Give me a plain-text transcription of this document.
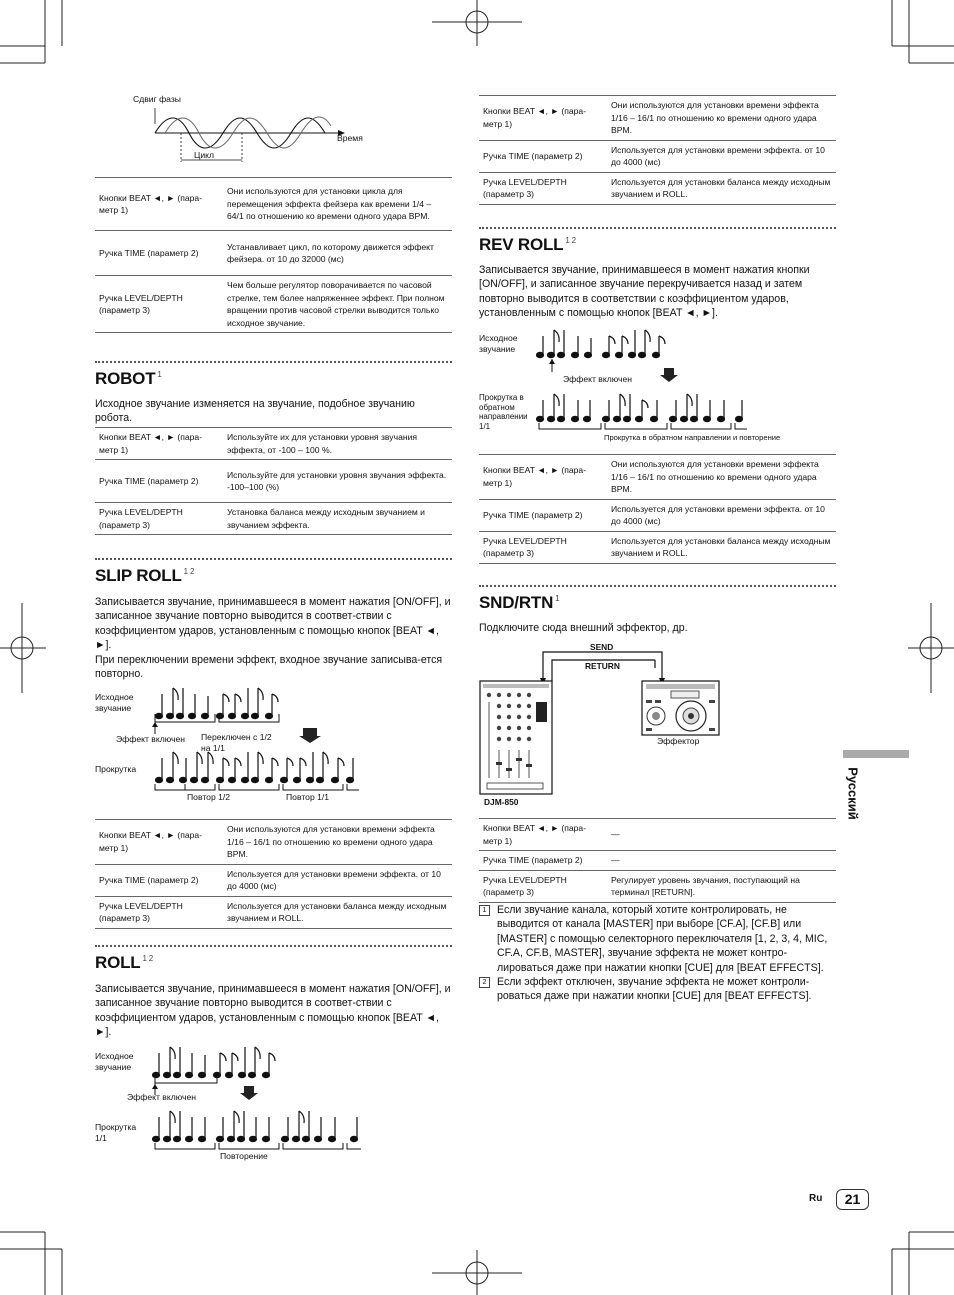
Сдвиг фазы
Время
Цикл
Кнопки BEAT ◄, ► (пара-метр 1)	Они используются для установки цикла для перемещения эффекта фейзера как времени 1/4 – 64/1 по отношению ко времени одного удара BPM.
Ручка TIME (параметр 2)	Устанавливает цикл, по которому движется эффект фейзера. от 10 до 32000 (мс)
Ручка LEVEL/DEPTH (параметр 3)	Чем больше регулятор поворачивается по часовой стрелке, тем более напряженнее эффект. При полном вращении против часовой стрелки выводится только исходное звучание.
ROBOT $^1$
Исходное звучание изменяется на звучание, подобное звучанию робота.
Кнопки BEAT ◄, ► (пара-метр 1)	Используйте их для установки уровня звучания эффекта, от -100 – 100 %.
Ручка TIME (параметр 2)	Используйте для установки уровня звучания эффекта. -100–100 (%)
Ручка LEVEL/DEPTH (параметр 3)	Установка баланса между исходным звучанием и звучанием эффекта.
SLIP ROLL $^{1 2}$
Записывается звучание, принимавшееся в момент нажатия [ON/OFF], и записанное звучание повторно выводится в соответ-ствии с коэффициентом ударов, установленным с помощью кнопок [BEAT ◄, ►].
При переключении времени эффект, входное звучание записыва-ется повторно.
Исходное звучание
Эффект включен Переключен с 1/2 на 1/1
Прокрутка
Повтор 1/2	Повтор 1/1
Кнопки BEAT ◄, ► (пара-метр 1)	Они используются для установки времени эффекта 1/16 – 16/1 по отношению ко времени одного удара BPM.
Ручка TIME (параметр 2)	Используется для установки времени эффекта. от 10 до 4000 (мс)
Ручка LEVEL/DEPTH (параметр 3)	Используется для установки баланса между исходным звучанием и ROLL.
ROLL $^{1 2}$
Записывается звучание, принимавшееся в момент нажатия [ON/OFF], и записанное звучание повторно выводится в соответ-ствии с коэффициентом ударов, установленным с помощью кнопок [BEAT ◄, ►].
Исходное звучание
Эффект включен
Прокрутка 1/1
Повторение
Кнопки BEAT ◄, ► (пара-метр 1)	Они используются для установки времени эффекта 1/16 – 16/1 по отношению ко времени одного удара BPM.
Ручка TIME (параметр 2)	Используется для установки времени эффекта. от 10 до 4000 (мс)
Ручка LEVEL/DEPTH (параметр 3)	Используется для установки баланса между исходным звучанием и ROLL.
REV ROLL $^{1 2}$
Записывается звучание, принимавшееся в момент нажатия кнопки [ON/OFF], и записанное звучание перекручивается назад и затем повторно выводится в соответствии с коэффициентом ударов, установленным с помощью кнопок [BEAT ◄, ►].
Исходное звучание
Эффект включен
Прокрутка в обратном направлении 1/1
Прокрутка в обратном направлении и повторение
Кнопки BEAT ◄, ► (пара-метр 1)	Они используются для установки времени эффекта 1/16 – 16/1 по отношению ко времени одного удара BPM.
Ручка TIME (параметр 2)	Используется для установки времени эффекта. от 10 до 4000 (мс)
Ручка LEVEL/DEPTH (параметр 3)	Используется для установки баланса между исходным звучанием и ROLL.
SND/RTN $^1$
Подключите сюда внешний эффектор, др.
SEND
RETURN
DJM-850
Эффектор
Кнопки BEAT ◄, ► (пара-метр 1)	—
Ручка TIME (параметр 2)	—
Ручка LEVEL/DEPTH (параметр 3)	Регулирует уровень звучания, поступающий на терминал [RETURN].
1 Если звучание канала, который хотите контролировать, не выводится от канала [MASTER] при выборе [CF.A], [CF.B] или [MASTER] с помощью селекторного переключателя [1, 2, 3, 4, MIC, CF.A, CF.B, MASTER], звучание эффекта не может контро-лироваться даже при нажатии кнопки [CUE] для [BEAT EFFECTS].
2 Если эффект отключен, звучание эффекта не может контроли-роваться даже при нажатии кнопки [CUE] для [BEAT EFFECTS].
Русский
Ru	21
